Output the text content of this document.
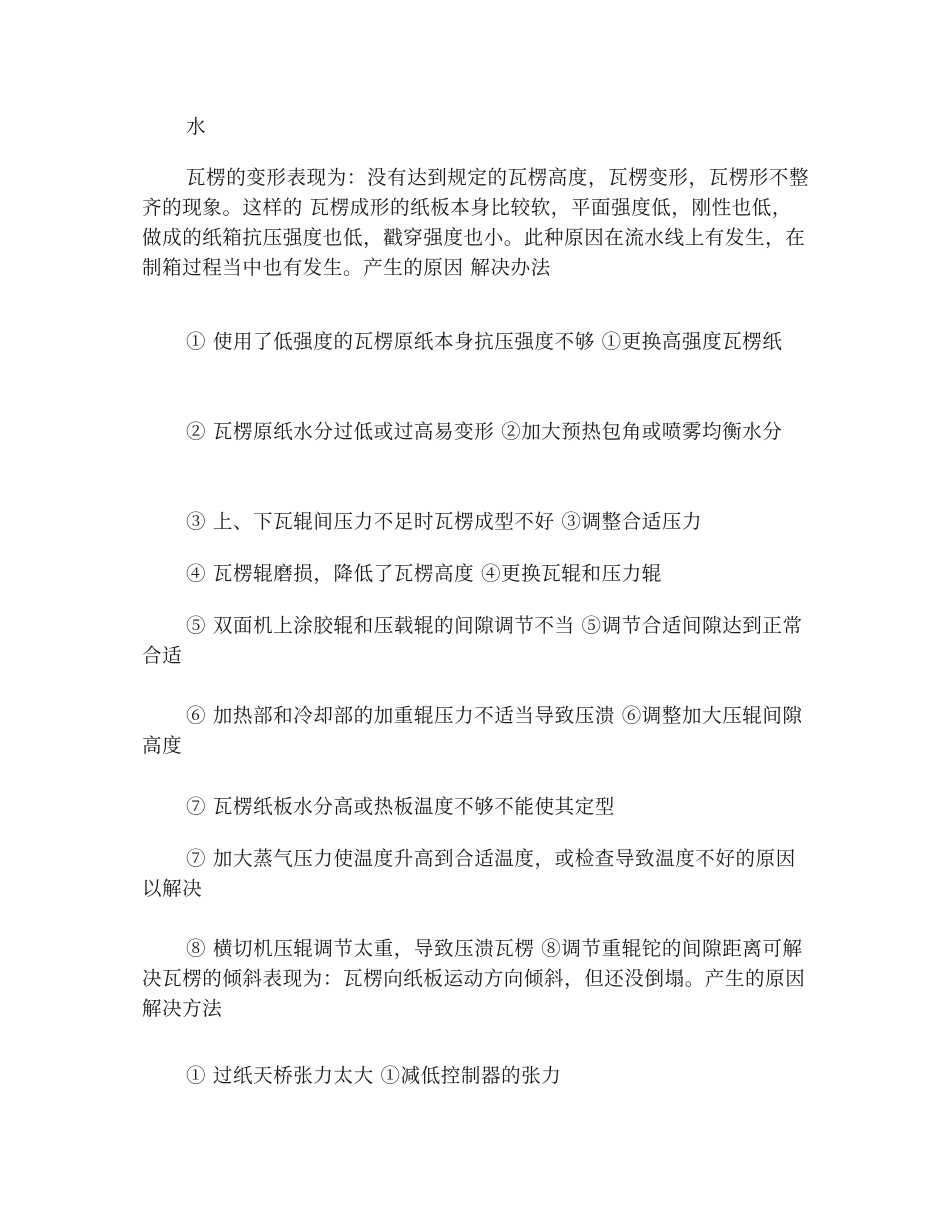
水

瓦楞的变形表现为：没有达到规定的瓦楞高度，瓦楞变形，瓦楞形不整齐的现象。这样的 瓦楞成形的纸板本身比较软，平面强度低，刚性也低，做成的纸箱抗压强度也低，戳穿强度也小。此种原因在流水线上有发生，在制箱过程当中也有发生。产生的原因 解决办法

① 使用了低强度的瓦楞原纸本身抗压强度不够 ①更换高强度瓦楞纸

② 瓦楞原纸水分过低或过高易变形 ②加大预热包角或喷雾均衡水分

③ 上、下瓦辊间压力不足时瓦楞成型不好 ③调整合适压力

④ 瓦楞辊磨损，降低了瓦楞高度 ④更换瓦辊和压力辊

⑤ 双面机上涂胶辊和压载辊的间隙调节不当 ⑤调节合适间隙达到正常合适

⑥ 加热部和冷却部的加重辊压力不适当导致压溃 ⑥调整加大压辊间隙高度

⑦ 瓦楞纸板水分高或热板温度不够不能使其定型

⑦ 加大蒸气压力使温度升高到合适温度，或检查导致温度不好的原因以解决

⑧ 横切机压辊调节太重，导致压溃瓦楞 ⑧调节重辊铊的间隙距离可解决瓦楞的倾斜表现为：瓦楞向纸板运动方向倾斜，但还没倒塌。产生的原因 解决方法

① 过纸天桥张力太大 ①减低控制器的张力
